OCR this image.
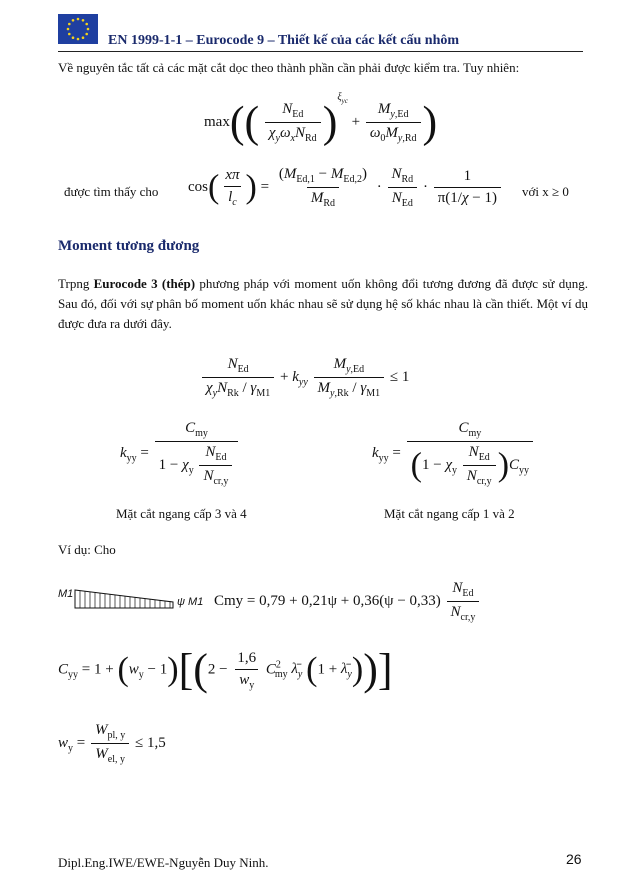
EN 1999-1-1 – Eurocode 9 – Thiết kế của các kết cấu nhôm
Về nguyên tắc tất cả các mặt cắt dọc theo thành phần cần phải được kiểm tra. Tuy nhiên:
$\max(( \frac{N_{Ed}}{\chi_y\omega_xN_{Rd}} )^{\xi_{yc}} + \frac{M_{y,Ed}}{\omega_0M_{y,Rd}}$ )
được tìm thấy cho $\cos( \frac{x\pi}{l_c}$ ) = $\frac{(M_{Ed,1} - M_{Ed,2})}{M_{Rd}} \cdot \frac{N_{Rd}}{N_{Ed}} \cdot \frac{1}{\pi(1/\chi - 1)}$ với x ≥ 0
Moment tương đương
Trpng Eurocode 3 (thép) phương pháp với moment uốn không đổi tương đương đã được sử dụng. Sau đó, đối với sự phân bố moment uốn khác nhau sẽ sử dụng hệ số khác nhau là cần thiết. Một ví dụ được đưa ra dưới đây.
$\frac{N_{Ed}}{\chi_yN_{Rk} / \gamma_{M1}} + k_{yy} \frac{M_{y,Ed}}{M_{y,Rk} / \gamma_{M1}} \le 1$
$k_{yy} = \frac{C_{my}}{1 - \chi_y \frac{N_{Ed}}{N_{cr,y}}}$	$k_{yy} = \frac{C_{my}}{(1 - \chi_y \frac{N_{Ed}}{N_{cr,y}} )C_{yy}}$
Mặt cắt ngang cấp 3 và 4	Mặt cắt ngang cấp 1 và 2
Ví dụ: Cho
M1
ψ M1 Cmy = $0,79 + 0,21\psi + 0,36(\psi - 0,33) \frac{N_{Ed}}{N_{cr,y}}$
$C_{yy} = 1 + (w_y - 1)[(2 - \frac{1,6}{w_y} C^2_{my}$ $\lambdā_y$ $(1 + \lambdā_y)$)]
$w_y = \frac{W_{pl, y}}{W_{el, y}} \le 1,5$
Dipl.Eng.IWE/EWE-Nguyễn Duy Ninh.	26
